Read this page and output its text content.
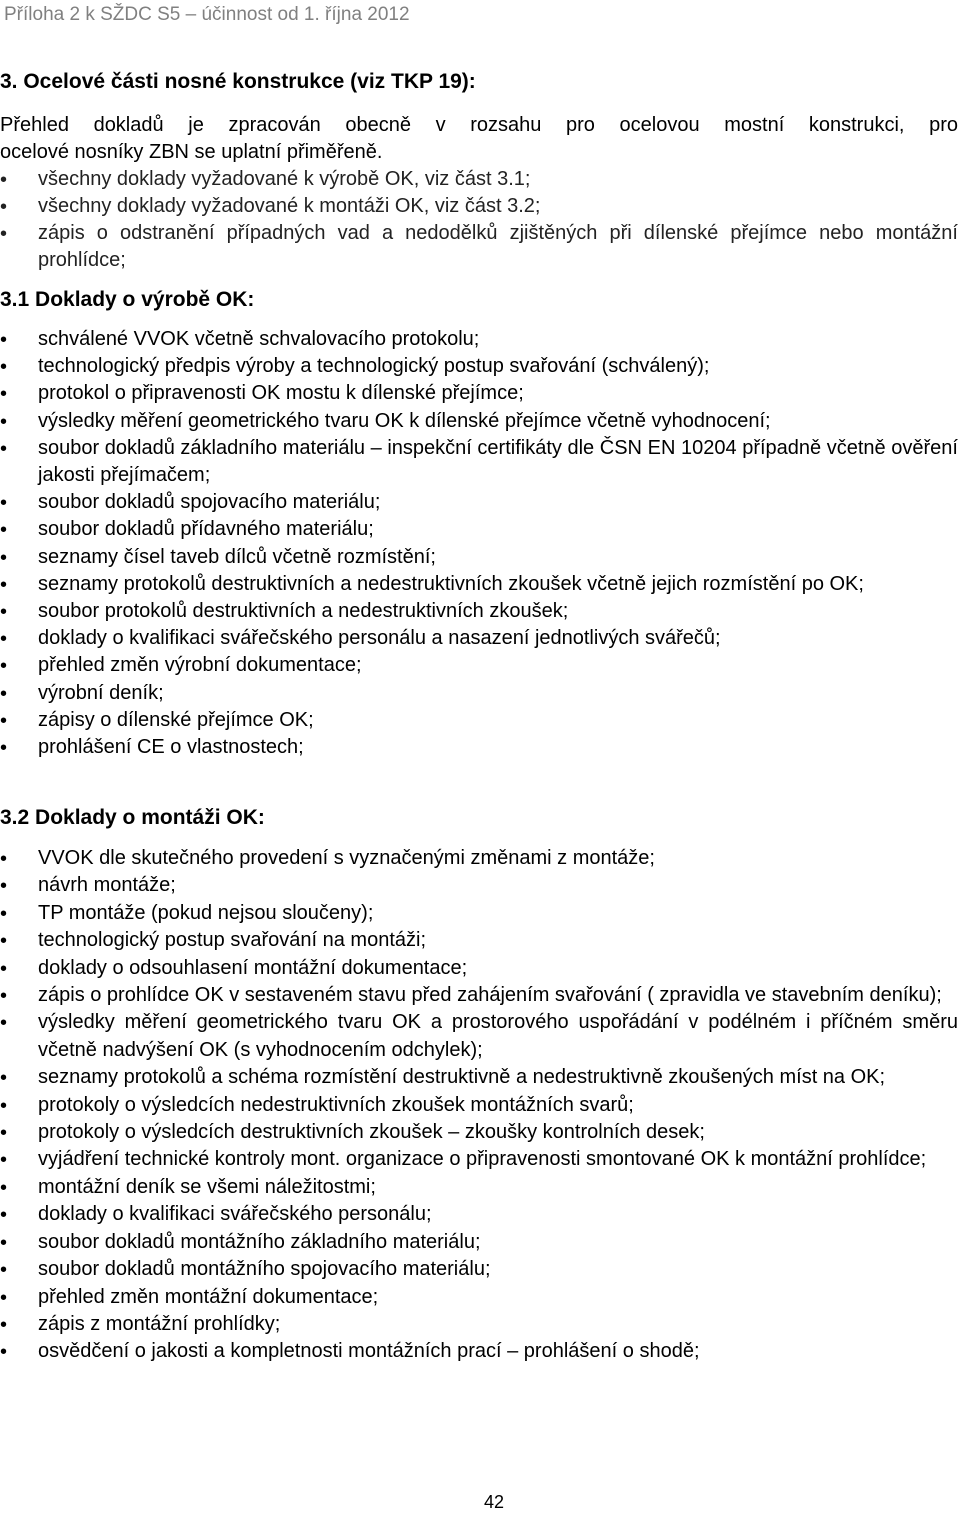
Příloha 2 k SŽDC S5 – účinnost od 1. října 2012
3. Ocelové části nosné konstrukce (viz TKP 19):
Přehled dokladů je zpracován obecně v rozsahu pro ocelovou mostní konstrukci, pro
ocelové nosníky ZBN se uplatní přiměřeně.
• všechny doklady vyžadované k výrobě OK, viz část 3.1;
• všechny doklady vyžadované k montáži OK, viz část 3.2;
• zápis o odstranění případných vad a nedodělků zjištěných při dílenské přejímce nebo montážní prohlídce;
3.1 Doklady o výrobě OK:
• schválené VVOK včetně schvalovacího protokolu;
• technologický předpis výroby a technologický postup svařování (schválený);
• protokol o připravenosti OK mostu k dílenské přejímce;
• výsledky měření geometrického tvaru OK k dílenské přejímce včetně vyhodnocení;
• soubor dokladů základního materiálu – inspekční certifikáty dle ČSN EN 10204 případně včetně ověření jakosti přejímačem;
• soubor dokladů spojovacího materiálu;
• soubor dokladů přídavného materiálu;
• seznamy čísel taveb dílců včetně rozmístění;
• seznamy protokolů destruktivních a nedestruktivních zkoušek včetně jejich rozmístění po OK;
• soubor protokolů destruktivních a nedestruktivních zkoušek;
• doklady o kvalifikaci svářečského personálu a nasazení jednotlivých svářečů;
• přehled změn výrobní dokumentace;
• výrobní deník;
• zápisy o dílenské přejímce OK;
• prohlášení CE o vlastnostech;
3.2 Doklady o montáži OK:
• VVOK dle skutečného provedení s vyznačenými změnami z montáže;
• návrh montáže;
• TP montáže (pokud nejsou sloučeny);
• technologický postup svařování na montáži;
• doklady o odsouhlasení montážní dokumentace;
• zápis o prohlídce OK v sestaveném stavu před zahájením svařování ( zpravidla ve stavebním deníku);
• výsledky měření geometrického tvaru OK a prostorového uspořádání v podélném i příčném směru včetně nadvýšení OK (s vyhodnocením odchylek);
• seznamy protokolů a schéma rozmístění destruktivně a nedestruktivně zkoušených míst na OK;
• protokoly o výsledcích nedestruktivních zkoušek montážních svarů;
• protokoly o výsledcích destruktivních zkoušek – zkoušky kontrolních desek;
• vyjádření technické kontroly mont. organizace o připravenosti smontované OK k montážní prohlídce;
• montážní deník se všemi náležitostmi;
• doklady o kvalifikaci svářečského personálu;
• soubor dokladů montážního základního materiálu;
• soubor dokladů montážního spojovacího materiálu;
• přehled změn montážní dokumentace;
• zápis z montážní prohlídky;
• osvědčení o jakosti a kompletnosti montážních prací – prohlášení o shodě;
42
